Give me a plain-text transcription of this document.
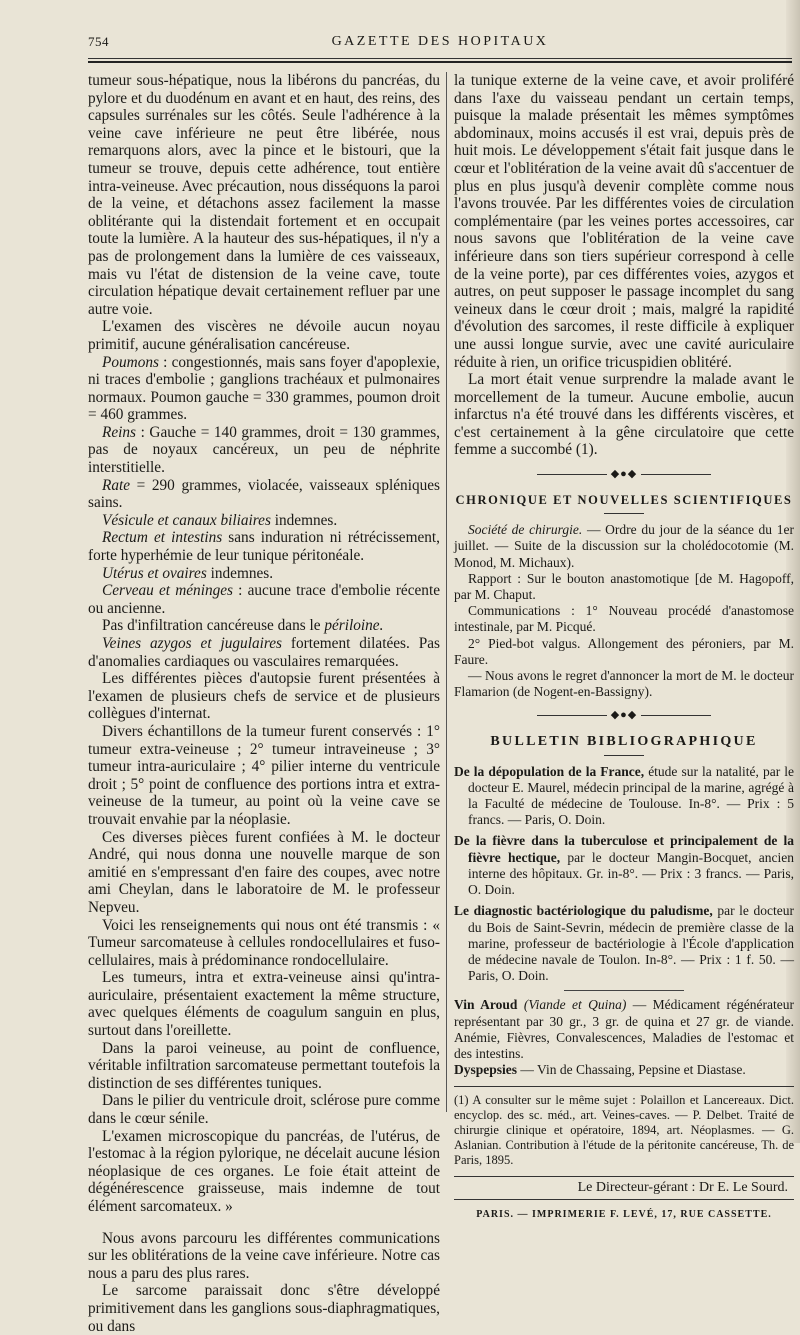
754	GAZETTE DES HOPITAUX

tumeur sous-hépatique, nous la libérons du pancréas, du pylore et du duodénum en avant et en haut, des reins, des capsules surrénales sur les côtés. Seule l'adhérence à la veine cave inférieure ne peut être libérée, nous remarquons alors, avec la pince et le bistouri, que la tumeur se trouve, depuis cette adhérence, tout entière intra-veineuse. Avec précaution, nous disséquons la paroi de la veine, et détachons assez facilement la masse oblitérante qui la distendait fortement et en occupait toute la lumière. A la hauteur des sus-hépatiques, il n'y a pas de prolongement dans la lumière de ces vaisseaux, mais vu l'état de distension de la veine cave, toute circulation hépatique devait certainement refluer par une autre voie.

L'examen des viscères ne dévoile aucun noyau primitif, aucune généralisation cancéreuse.

Poumons : congestionnés, mais sans foyer d'apoplexie, ni traces d'embolie ; ganglions trachéaux et pulmonaires normaux. Poumon gauche = 330 grammes, poumon droit = 460 grammes.

Reins : Gauche = 140 grammes, droit = 130 grammes, pas de noyaux cancéreux, un peu de néphrite interstitielle.

Rate = 290 grammes, violacée, vaisseaux spléniques sains.

Vésicule et canaux biliaires indemnes.

Rectum et intestins sans induration ni rétrécissement, forte hyperhémie de leur tunique péritonéale.

Utérus et ovaires indemnes.

Cerveau et méninges : aucune trace d'embolie récente ou ancienne.

Pas d'infiltration cancéreuse dans le périloine.

Veines azygos et jugulaires fortement dilatées. Pas d'anomalies cardiaques ou vasculaires remarquées.

Les différentes pièces d'autopsie furent présentées à l'examen de plusieurs chefs de service et de plusieurs collègues d'internat.

Divers échantillons de la tumeur furent conservés : 1° tumeur extra-veineuse ; 2° tumeur intraveineuse ; 3° tumeur intra-auriculaire ; 4° pilier interne du ventricule droit ; 5° point de confluence des portions intra et extra-veineuse de la tumeur, au point où la veine cave se trouvait envahie par la néoplasie.

Ces diverses pièces furent confiées à M. le docteur André, qui nous donna une nouvelle marque de son amitié en s'empressant d'en faire des coupes, avec notre ami Cheylan, dans le laboratoire de M. le professeur Nepveu.

Voici les renseignements qui nous ont été transmis : « Tumeur sarcomateuse à cellules rondocellulaires et fuso-cellulaires, mais à prédominance rondocellulaire.

Les tumeurs, intra et extra-veineuse ainsi qu'intra-auriculaire, présentaient exactement la même structure, avec quelques éléments de coagulum sanguin en plus, surtout dans l'oreillette.

Dans la paroi veineuse, au point de confluence, véritable infiltration sarcomateuse permettant toutefois la distinction de ses différentes tuniques.

Dans le pilier du ventricule droit, sclérose pure comme dans le cœur sénile.

L'examen microscopique du pancréas, de l'utérus, de l'estomac à la région pylorique, ne décelait aucune lésion néoplasique de ces organes. Le foie était atteint de dégénérescence graisseuse, mais indemne de tout élément sarcomateux. »

Nous avons parcouru les différentes communications sur les oblitérations de la veine cave inférieure. Notre cas nous a paru des plus rares.

Le sarcome paraissait donc s'être développé primitivement dans les ganglions sous-diaphragmatiques, ou dans

la tunique externe de la veine cave, et avoir proliféré dans l'axe du vaisseau pendant un certain temps, puisque la malade présentait les mêmes symptômes abdominaux, moins accusés il est vrai, depuis près de huit mois. Le développement s'était fait jusque dans le cœur et l'oblitération de la veine avait dû s'accentuer de plus en plus jusqu'à devenir complète comme nous l'avons trouvée. Par les différentes voies de circulation complémentaire (par les veines portes accessoires, car nous savons que l'oblitération de la veine cave inférieure dans son tiers supérieur correspond à celle de la veine porte), par ces différentes voies, azygos et autres, on peut supposer le passage incomplet du sang veineux dans le cœur droit ; mais, malgré la rapidité d'évolution des sarcomes, il reste difficile à expliquer une aussi longue survie, avec une cavité auriculaire réduite à rien, un orifice tricuspidien oblitéré.

La mort était venue surprendre la malade avant le morcellement de la tumeur. Aucune embolie, aucun infarctus n'a été trouvé dans les différents viscères, et c'est certainement à la gêne circulatoire que cette femme a succombé (1).

◆●◆
CHRONIQUE ET NOUVELLES SCIENTIFIQUES

Société de chirurgie. — Ordre du jour de la séance du 1er juillet. — Suite de la discussion sur la cholédocotomie (M. Monod, M. Michaux).

Rapport : Sur le bouton anastomotique [de M. Hagopoff, par M. Chaput.

Communications : 1° Nouveau procédé d'anastomose intestinale, par M. Picqué.

2° Pied-bot valgus. Allongement des péroniers, par M. Faure.

— Nous avons le regret d'annoncer la mort de M. le docteur Flamarion (de Nogent-en-Bassigny).

◆●◆
BULLETIN BIBLIOGRAPHIQUE

De la dépopulation de la France, étude sur la natalité, par le docteur E. Maurel, médecin principal de la marine, agrégé à la Faculté de médecine de Toulouse. In-8°. — Prix : 5 francs. — Paris, O. Doin.

De la fièvre dans la tuberculose et principalement de la fièvre hectique, par le docteur Mangin-Bocquet, ancien interne des hôpitaux. Gr. in-8°. — Prix : 3 francs. — Paris, O. Doin.

Le diagnostic bactériologique du paludisme, par le docteur du Bois de Saint-Sevrin, médecin de première classe de la marine, professeur de bactériologie à l'École d'application de médecine navale de Toulon. In-8°. — Prix : 1 f. 50. — Paris, O. Doin.

Vin Aroud (Viande et Quina) — Médicament régénérateur représentant par 30 gr., 3 gr. de quina et 27 gr. de viande. Anémie, Fièvres, Convalescences, Maladies de l'estomac et des intestins.

Dyspepsies — Vin de Chassaing, Pepsine et Diastase.

(1) A consulter sur le même sujet : Polaillon et Lancereaux. Dict. encyclop. des sc. méd., art. Veines-caves. — P. Delbet. Traité de chirurgie clinique et opératoire, 1894, art. Néoplasmes. — G. Aslanian. Contribution à l'étude de la péritonite cancéreuse, Th. de Paris, 1895.

Le Directeur-gérant : Dr E. Le Sourd.
PARIS. — IMPRIMERIE F. LEVÉ, 17, RUE CASSETTE.
